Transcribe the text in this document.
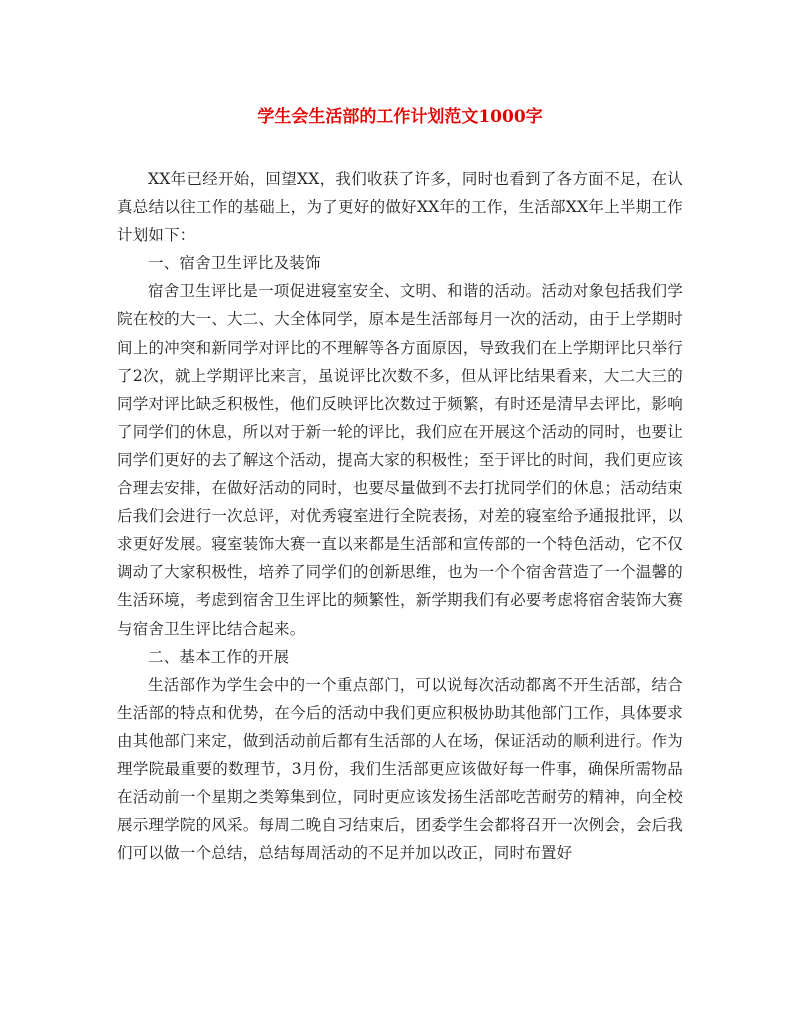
学生会生活部的工作计划范文1000字

XX年已经开始，回望XX，我们收获了许多，同时也看到了各方面不足，在认真总结以往工作的基础上，为了更好的做好XX年的工作，生活部XX年上半期工作计划如下：

一、宿舍卫生评比及装饰

宿舍卫生评比是一项促进寝室安全、文明、和谐的活动。活动对象包括我们学院在校的大一、大二、大全体同学，原本是生活部每月一次的活动，由于上学期时间上的冲突和新同学对评比的不理解等各方面原因，导致我们在上学期评比只举行了2次，就上学期评比来言，虽说评比次数不多，但从评比结果看来，大二大三的同学对评比缺乏积极性，他们反映评比次数过于频繁，有时还是清早去评比，影响了同学们的休息，所以对于新一轮的评比，我们应在开展这个活动的同时，也要让同学们更好的去了解这个活动，提高大家的积极性；至于评比的时间，我们更应该合理去安排，在做好活动的同时，也要尽量做到不去打扰同学们的休息；活动结束后我们会进行一次总评，对优秀寝室进行全院表扬，对差的寝室给予通报批评，以求更好发展。寝室装饰大赛一直以来都是生活部和宣传部的一个特色活动，它不仅调动了大家积极性，培养了同学们的创新思维，也为一个个宿舍营造了一个温馨的生活环境，考虑到宿舍卫生评比的频繁性，新学期我们有必要考虑将宿舍装饰大赛与宿舍卫生评比结合起来。

二、基本工作的开展

生活部作为学生会中的一个重点部门，可以说每次活动都离不开生活部，结合生活部的特点和优势，在今后的活动中我们更应积极协助其他部门工作，具体要求由其他部门来定，做到活动前后都有生活部的人在场，保证活动的顺利进行。作为理学院最重要的数理节，3月份，我们生活部更应该做好每一件事，确保所需物品在活动前一个星期之类筹集到位，同时更应该发扬生活部吃苦耐劳的精神，向全校展示理学院的风采。每周二晚自习结束后，团委学生会都将召开一次例会，会后我们可以做一个总结，总结每周活动的不足并加以改正，同时布置好
